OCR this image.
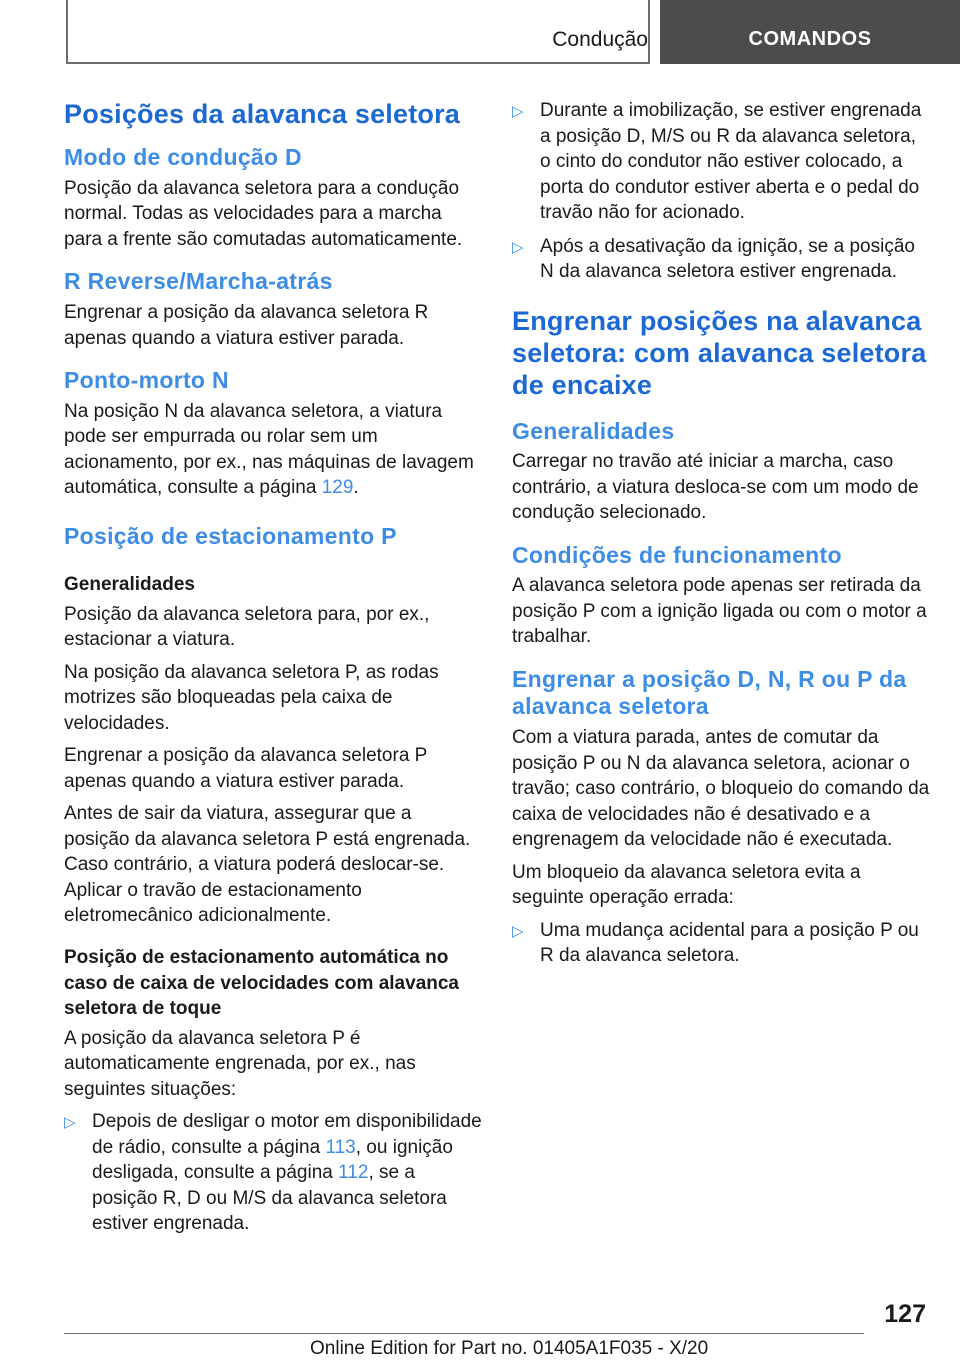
Condução	COMANDOS
Posições da alavanca seletora
Modo de condução D

Posição da alavanca seletora para a condução normal. Todas as velocidades para a marcha para a frente são comutadas automaticamente.

R Reverse/Marcha-atrás

Engrenar a posição da alavanca seletora R apenas quando a viatura estiver parada.

Ponto-morto N

Na posição N da alavanca seletora, a viatura pode ser empurrada ou rolar sem um acionamento, por ex., nas máquinas de lavagem automática, consulte a página 129.

Posição de estacionamento P
Generalidades

Posição da alavanca seletora para, por ex., estacionar a viatura.

Na posição da alavanca seletora P, as rodas motrizes são bloqueadas pela caixa de velocidades.

Engrenar a posição da alavanca seletora P apenas quando a viatura estiver parada.

Antes de sair da viatura, assegurar que a posição da alavanca seletora P está engrenada. Caso contrário, a viatura poderá deslocar-se. Aplicar o travão de estacionamento eletromecânico adicionalmente.

Posição de estacionamento automática no caso de caixa de velocidades com alavanca seletora de toque

A posição da alavanca seletora P é automaticamente engrenada, por ex., nas seguintes situações:

▷ Depois de desligar o motor em disponibilidade de rádio, consulte a página 113, ou ignição desligada, consulte a página 112, se a posição R, D ou M/S da alavanca seletora estiver engrenada.
▷ Durante a imobilização, se estiver engrenada a posição D, M/S ou R da alavanca seletora, o cinto do condutor não estiver colocado, a porta do condutor estiver aberta e o pedal do travão não for acionado.
▷ Após a desativação da ignição, se a posição N da alavanca seletora estiver engrenada.
Engrenar posições na alavanca seletora: com alavanca seletora de encaixe
Generalidades

Carregar no travão até iniciar a marcha, caso contrário, a viatura desloca-se com um modo de condução selecionado.

Condições de funcionamento

A alavanca seletora pode apenas ser retirada da posição P com a ignição ligada ou com o motor a trabalhar.

Engrenar a posição D, N, R ou P da alavanca seletora

Com a viatura parada, antes de comutar da posição P ou N da alavanca seletora, acionar o travão; caso contrário, o bloqueio do comando da caixa de velocidades não é desativado e a engrenagem da velocidade não é executada.

Um bloqueio da alavanca seletora evita a seguinte operação errada:

▷ Uma mudança acidental para a posição P ou R da alavanca seletora.
127
Online Edition for Part no. 01405A1F035 - X/20
